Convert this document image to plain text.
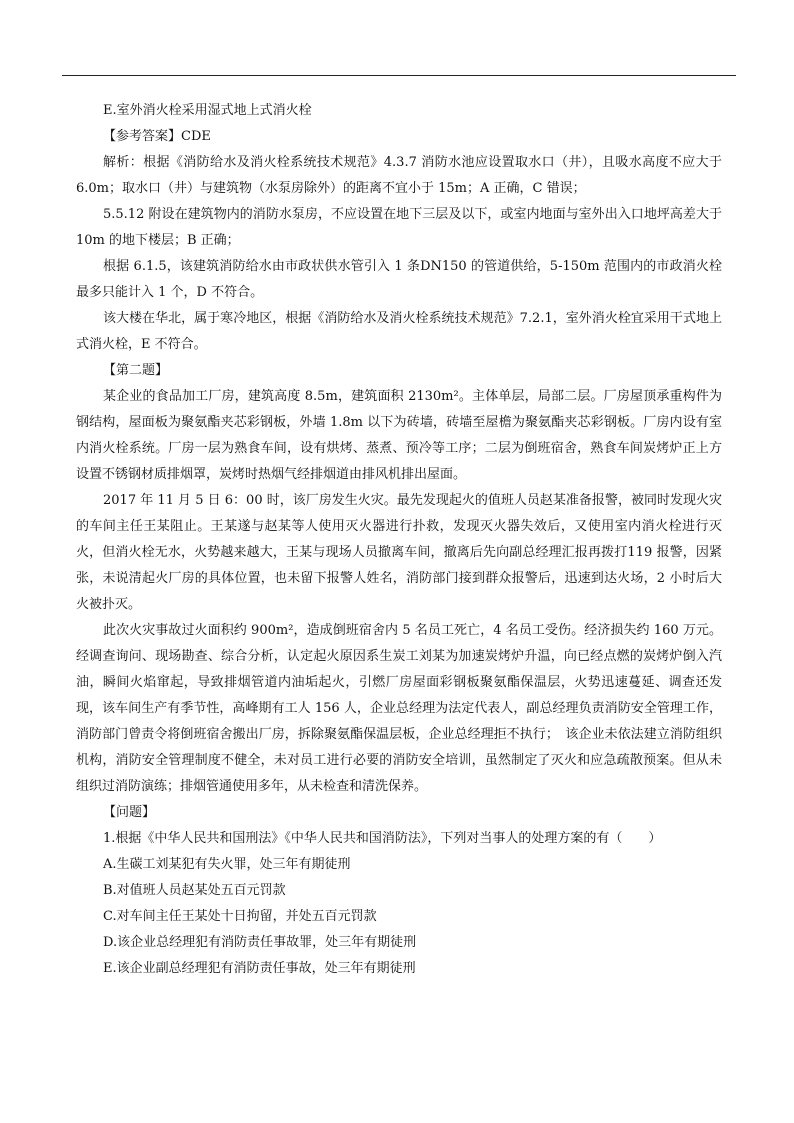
E.室外消火栓采用湿式地上式消火栓

【参考答案】CDE

解析：根据《消防给水及消火栓系统技术规范》4.3.7 消防水池应设置取水口（井），且吸水高度不应大于 6.0m；取水口（井）与建筑物（水泵房除外）的距离不宜小于 15m；A 正确，C 错误；

5.5.12 附设在建筑物内的消防水泵房，不应设置在地下三层及以下，或室内地面与室外出入口地坪高差大于 10m 的地下楼层；B 正确；

根据 6.1.5，该建筑消防给水由市政状供水管引入 1 条DN150 的管道供给，5-150m 范围内的市政消火栓最多只能计入 1 个，D 不符合。

该大楼在华北，属于寒冷地区，根据《消防给水及消火栓系统技术规范》7.2.1，室外消火栓宜采用干式地上式消火栓，E 不符合。

【第二题】

某企业的食品加工厂房，建筑高度 8.5m，建筑面积 2130m²。主体单层，局部二层。厂房屋顶承重构件为钢结构，屋面板为聚氨酯夹芯彩钢板，外墙 1.8m 以下为砖墙，砖墙至屋檐为聚氨酯夹芯彩钢板。厂房内设有室内消火栓系统。厂房一层为熟食车间，设有烘烤、蒸煮、预冷等工序；二层为倒班宿舍，熟食车间炭烤炉正上方设置不锈钢材质排烟罩，炭烤时热烟气经排烟道由排风机排出屋面。

2017 年 11 月 5 日 6：00 时，该厂房发生火灾。最先发现起火的值班人员赵某准备报警，被同时发现火灾的车间主任王某阻止。王某遂与赵某等人使用灭火器进行扑救，发现灭火器失效后，又使用室内消火栓进行灭火，但消火栓无水，火势越来越大，王某与现场人员撤离车间，撤离后先向副总经理汇报再拨打119 报警，因紧张，未说清起火厂房的具体位置，也未留下报警人姓名，消防部门接到群众报警后，迅速到达火场，2 小时后大火被扑灭。

此次火灾事故过火面积约 900m²，造成倒班宿舍内 5 名员工死亡，4 名员工受伤。经济损失约 160 万元。经调查询问、现场勘查、综合分析，认定起火原因系生炭工刘某为加速炭烤炉升温，向已经点燃的炭烤炉倒入汽油，瞬间火焰窜起，导致排烟管道内油垢起火，引燃厂房屋面彩钢板聚氨酯保温层，火势迅速蔓延、调查还发现，该车间生产有季节性，高峰期有工人 156 人，企业总经理为法定代表人，副总经理负责消防安全管理工作，消防部门曾责令将倒班宿舍搬出厂房，拆除聚氨酯保温层板，企业总经理拒不执行；　该企业未依法建立消防组织机构，消防安全管理制度不健全，未对员工进行必要的消防安全培训，虽然制定了灭火和应急疏散预案。但从未组织过消防演练；排烟管通使用多年，从未检查和清洗保养。

【问题】

1.根据《中华人民共和国刑法》《中华人民共和国消防法》，下列对当事人的处理方案的有（　　）

A.生碳工刘某犯有失火罪，处三年有期徒刑

B.对值班人员赵某处五百元罚款

C.对车间主任王某处十日拘留，并处五百元罚款

D.该企业总经理犯有消防责任事故罪，处三年有期徒刑

E.该企业副总经理犯有消防责任事故，处三年有期徒刑
